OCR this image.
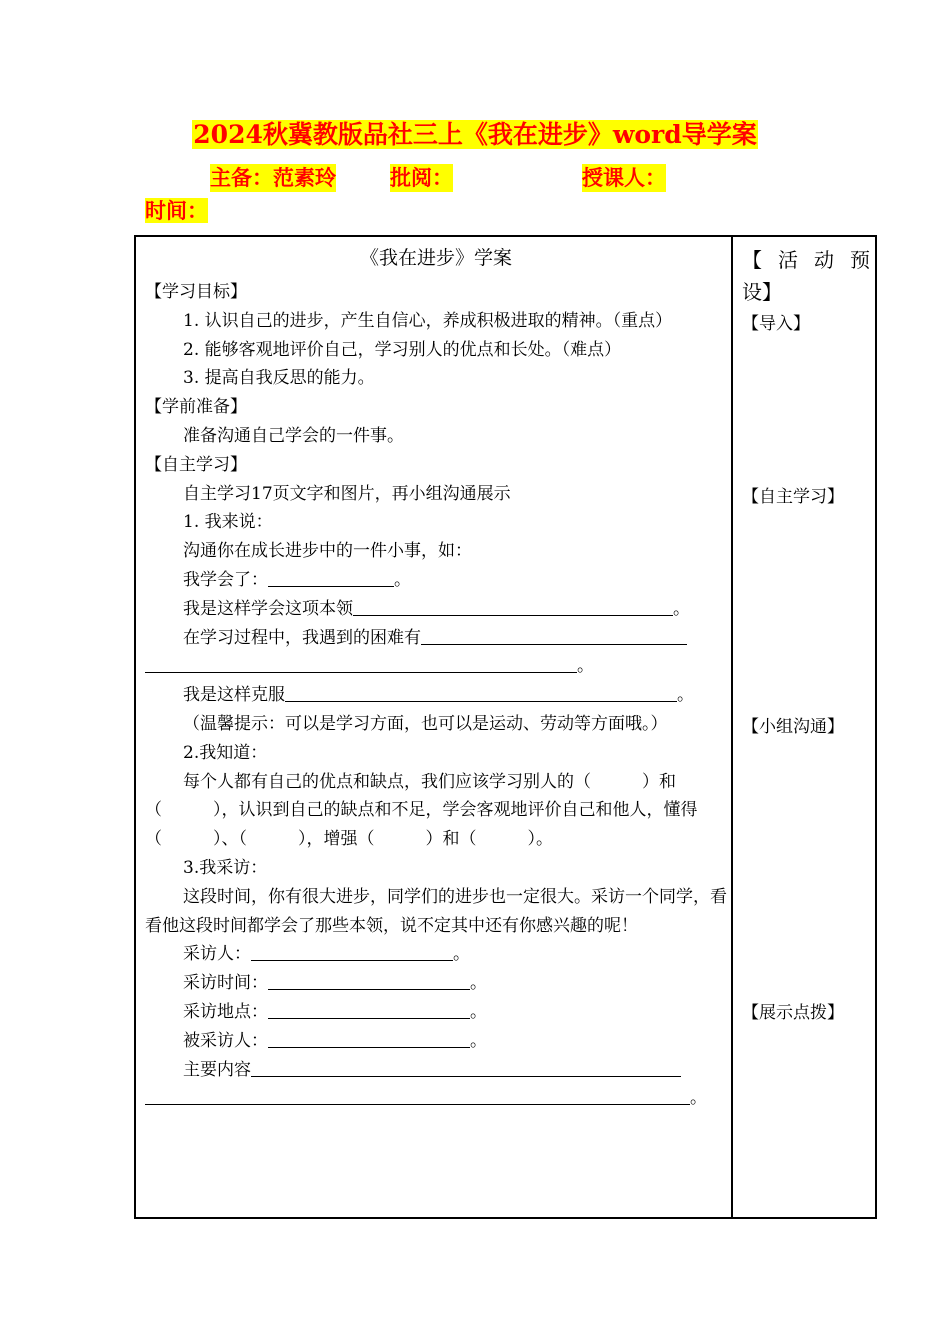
2024秋冀教版品社三上《我在进步》word导学案
主备：范素玲	批阅：	授课人：
时间：
《我在进步》学案

【学习目标】

1. 认识自己的进步，产生自信心，养成积极进取的精神。（重点）

2. 能够客观地评价自己，学习别人的优点和长处。（难点）

3. 提高自我反思的能力。

【学前准备】

准备沟通自己学会的一件事。

【自主学习】

自主学习17页文字和图片，再小组沟通展示

1. 我来说：

沟通你在成长进步中的一件小事，如：

我学会了：	。

我是这样学会这项本领	。

在学习过程中，我遇到的困难有

。

我是这样克服	。

（温馨提示：可以是学习方面，也可以是运动、劳动等方面哦。）

2.我知道：

每个人都有自己的优点和缺点，我们应该学习别人的（　　　）和（　　　），认识到自己的缺点和不足，学会客观地评价自己和他人，懂得（　　　）、（　　　），增强（　　　）和（　　　）。

3.我采访：

这段时间，你有很大进步，同学们的进步也一定很大。采访一个同学，看看他这段时间都学会了那些本领，说不定其中还有你感兴趣的呢！

采访人：	。

采访时间：	。

采访地点：	。

被采访人：	。

主要内容

。

【 活 动 预 设】
【导入】
【自主学习】
【小组沟通】
【展示点拨】
